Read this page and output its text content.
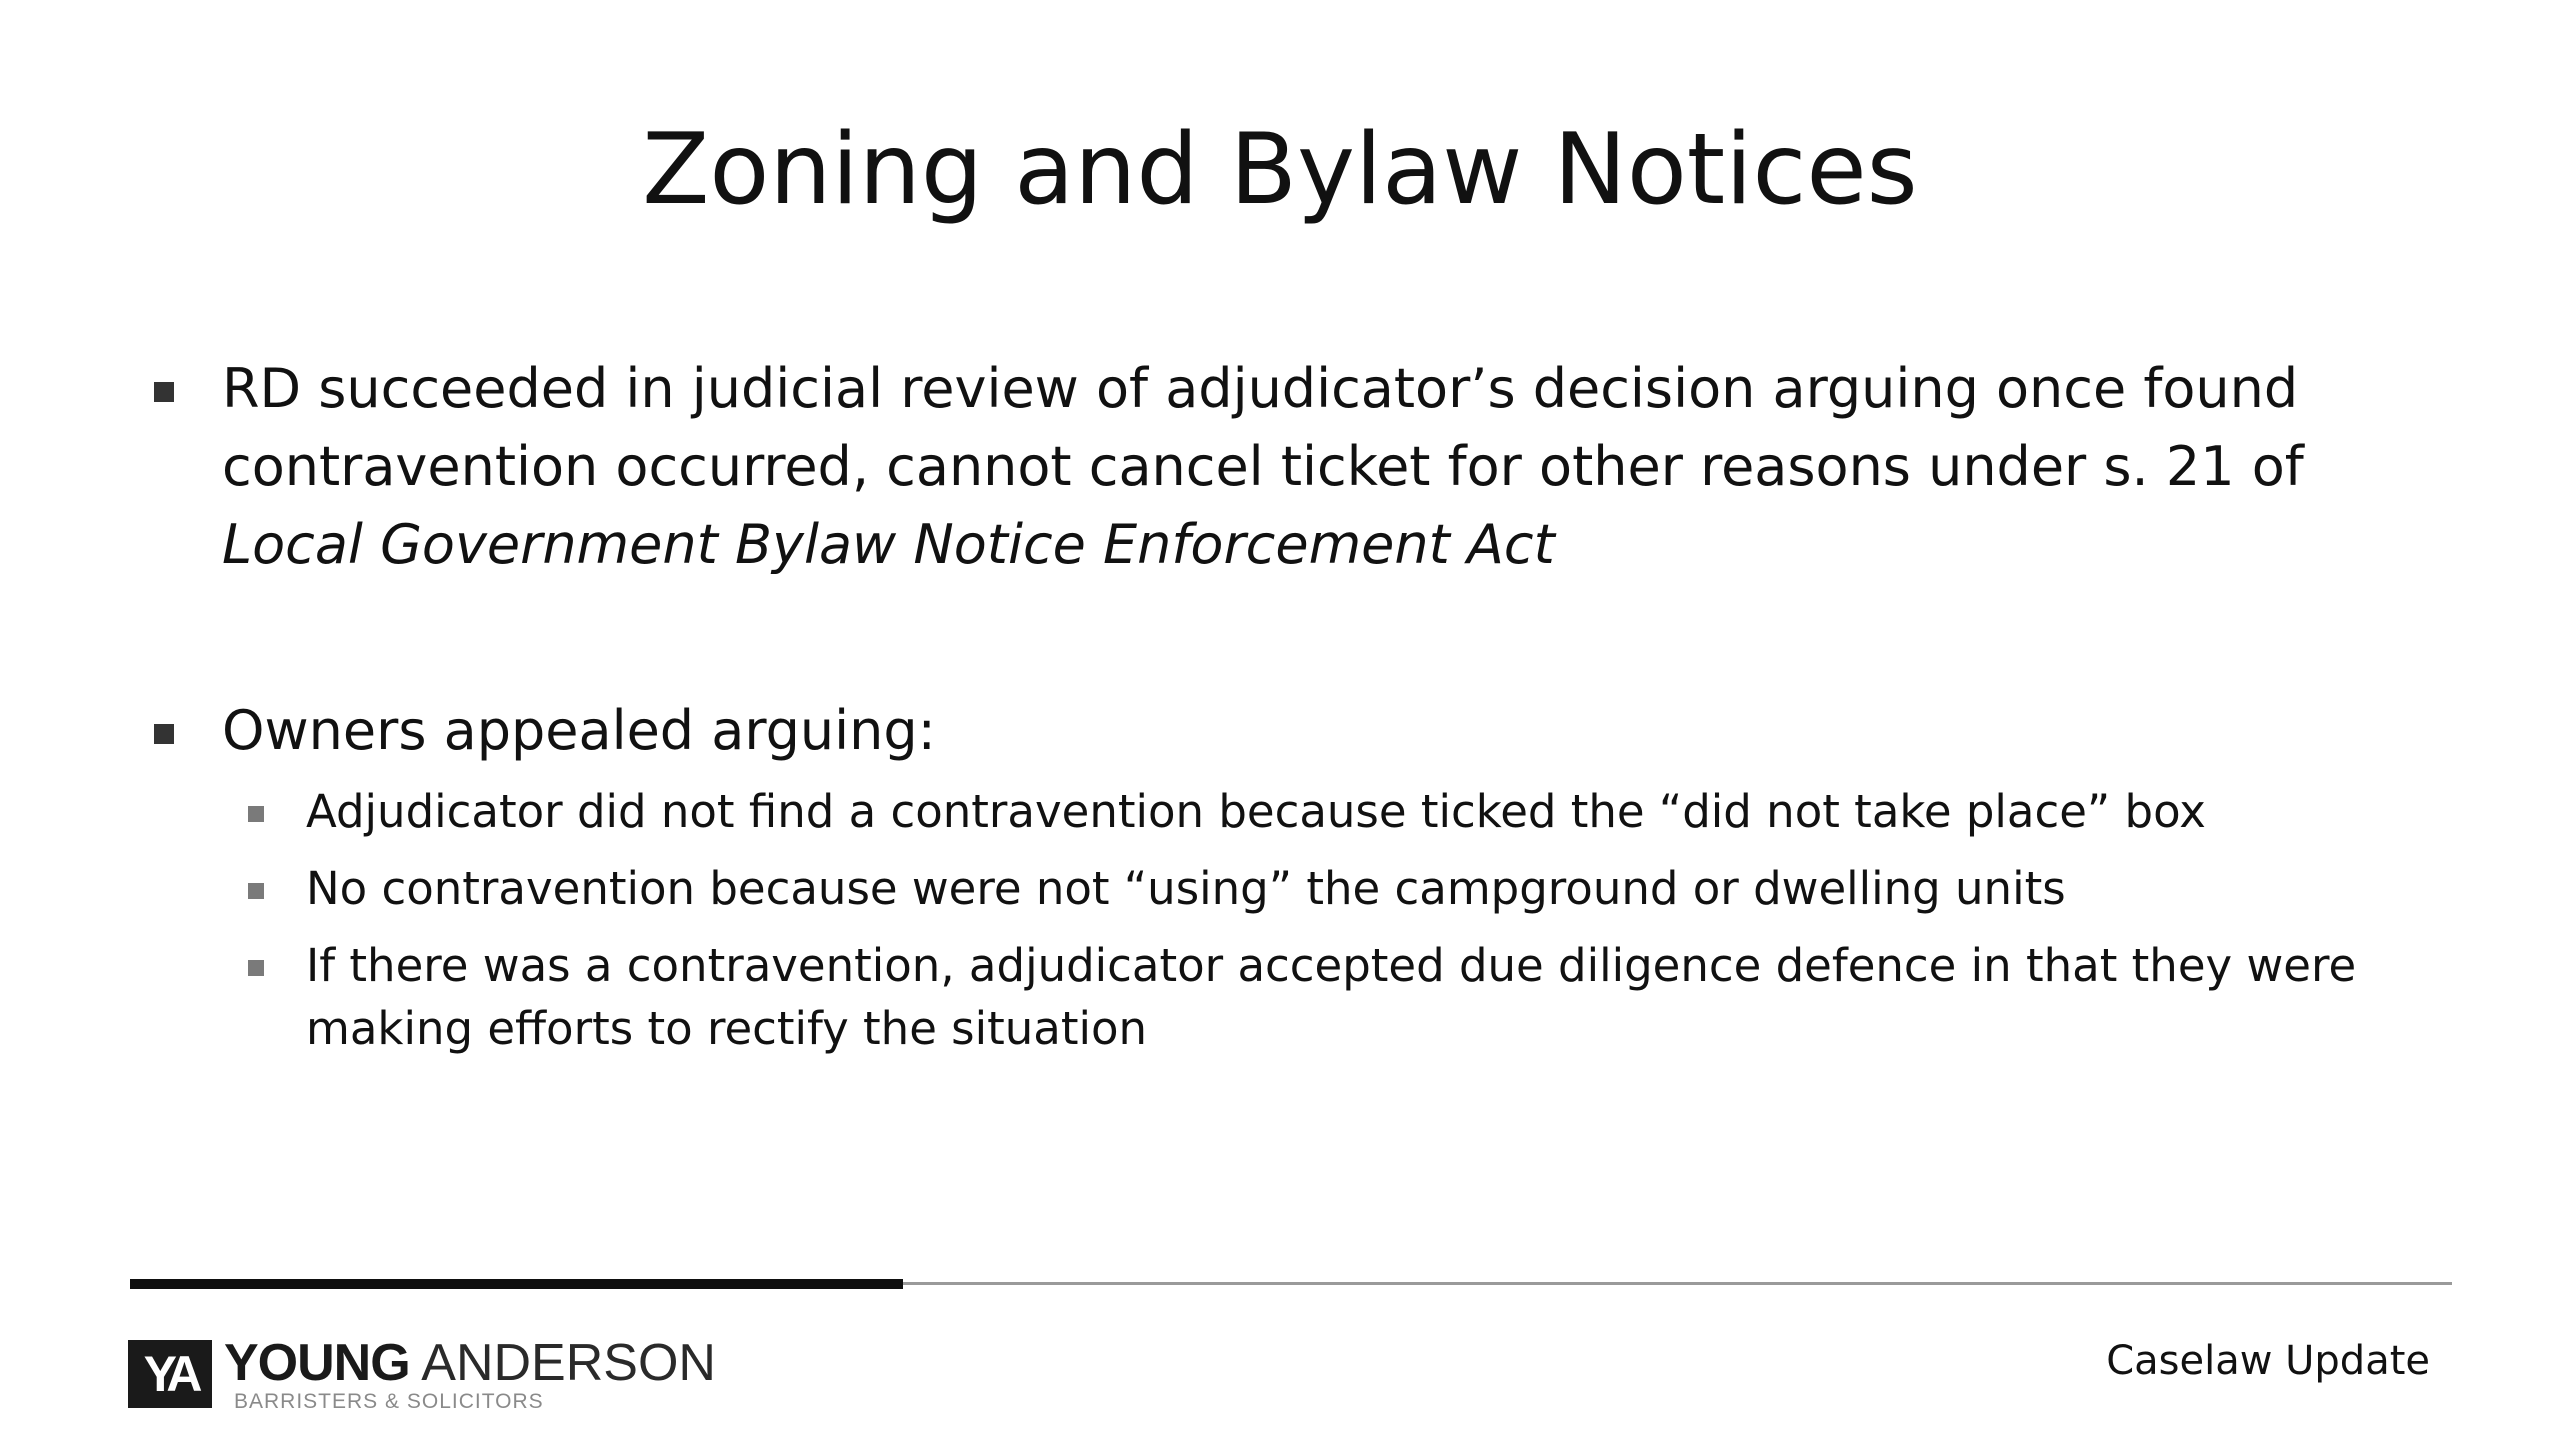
Zoning and Bylaw Notices
RD succeeded in judicial review of adjudicator’s decision arguing once found contravention occurred, cannot cancel ticket for other reasons under s. 21 of Local Government Bylaw Notice Enforcement Act
Owners appealed arguing:
Adjudicator did not find a contravention because ticked the “did not take place” box
No contravention because were not “using” the campground or dwelling units
If there was a contravention, adjudicator accepted due diligence defence in that they were making efforts to rectify the situation
YA YOUNG ANDERSON
BARRISTERS & SOLICITORS
Caselaw Update
